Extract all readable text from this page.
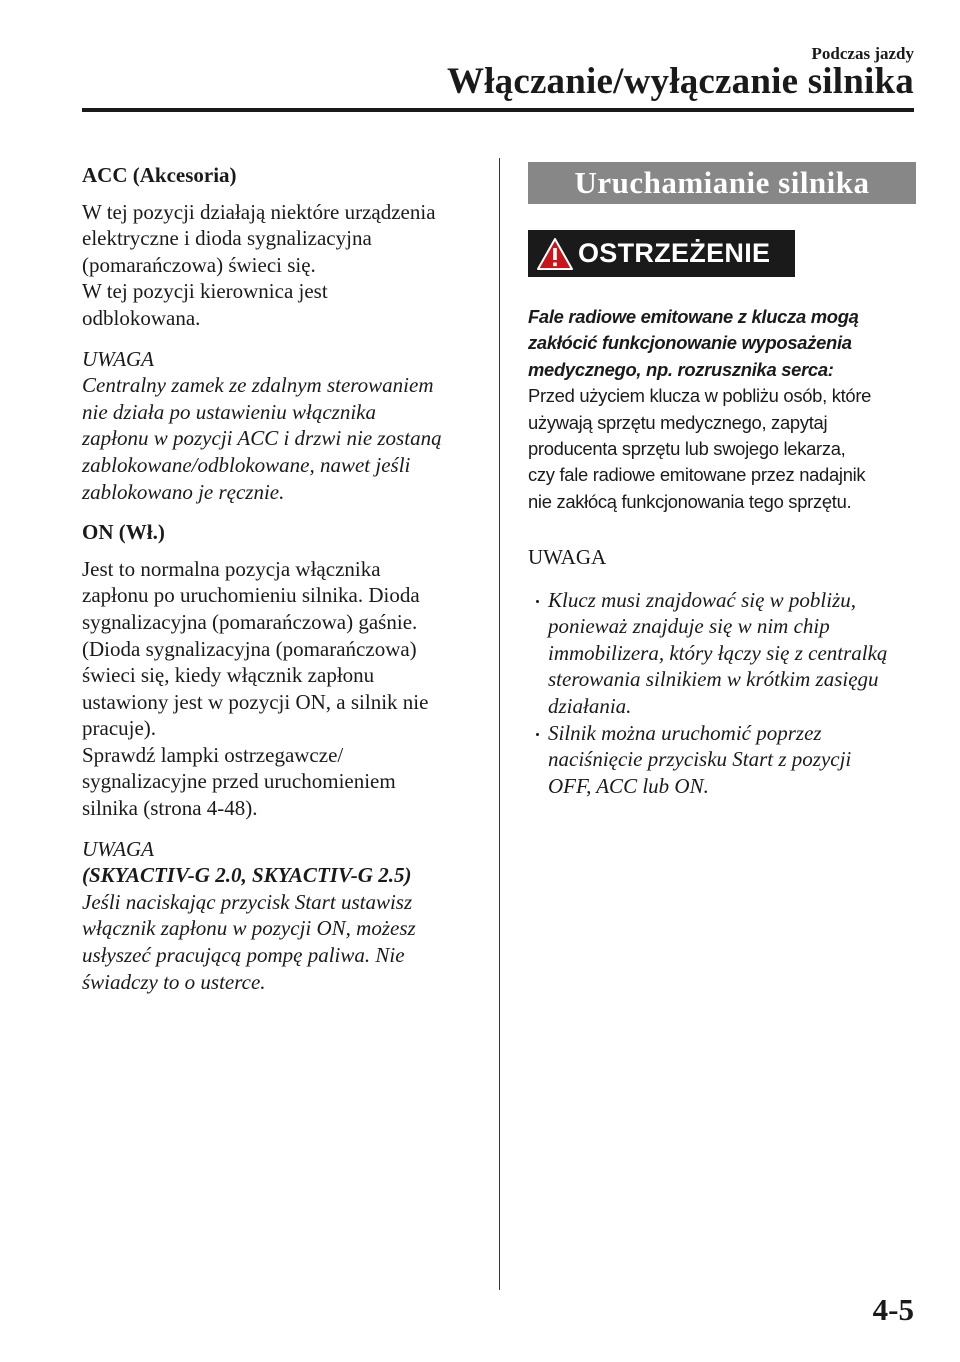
Podczas jazdy

Włączanie/wyłączanie silnika

ACC (Akcesoria)

W tej pozycji działają niektóre urządzenia

elektryczne i dioda sygnalizacyjna

(pomarańczowa) świeci się.

W tej pozycji kierownica jest

odblokowana.

UWAGA

Centralny zamek ze zdalnym sterowaniem

nie działa po ustawieniu włącznika

zapłonu w pozycji ACC i drzwi nie zostaną

zablokowane/odblokowane, nawet jeśli

zablokowano je ręcznie.

ON (Wł.)

Jest to normalna pozycja włącznika

zapłonu po uruchomieniu silnika. Dioda

sygnalizacyjna (pomarańczowa) gaśnie.

(Dioda sygnalizacyjna (pomarańczowa)

świeci się, kiedy włącznik zapłonu

ustawiony jest w pozycji ON, a silnik nie

pracuje).

Sprawdź lampki ostrzegawcze/

sygnalizacyjne przed uruchomieniem

silnika (strona 4-48).

UWAGA

(SKYACTIV-G 2.0, SKYACTIV-G 2.5)

Jeśli naciskając przycisk Start ustawisz

włącznik zapłonu w pozycji ON, możesz

usłyszeć pracującą pompę paliwa. Nie

świadczy to o usterce.

Uruchamianie silnika
OSTRZEŻENIE

Fale radiowe emitowane z klucza mogą

zakłócić funkcjonowanie wyposażenia

medycznego, np. rozrusznika serca:

Przed użyciem klucza w pobliżu osób, które

używają sprzętu medycznego, zapytaj

producenta sprzętu lub swojego lekarza,

czy fale radiowe emitowane przez nadajnik

nie zakłócą funkcjonowania tego sprzętu.

UWAGA

Klucz musi znajdować się w pobliżu,
ponieważ znajduje się w nim chip
immobilizera, który łączy się z centralką
sterowania silnikiem w krótkim zasięgu
działania.
Silnik można uruchomić poprzez
naciśnięcie przycisku Start z pozycji
OFF, ACC lub ON.

4-5
